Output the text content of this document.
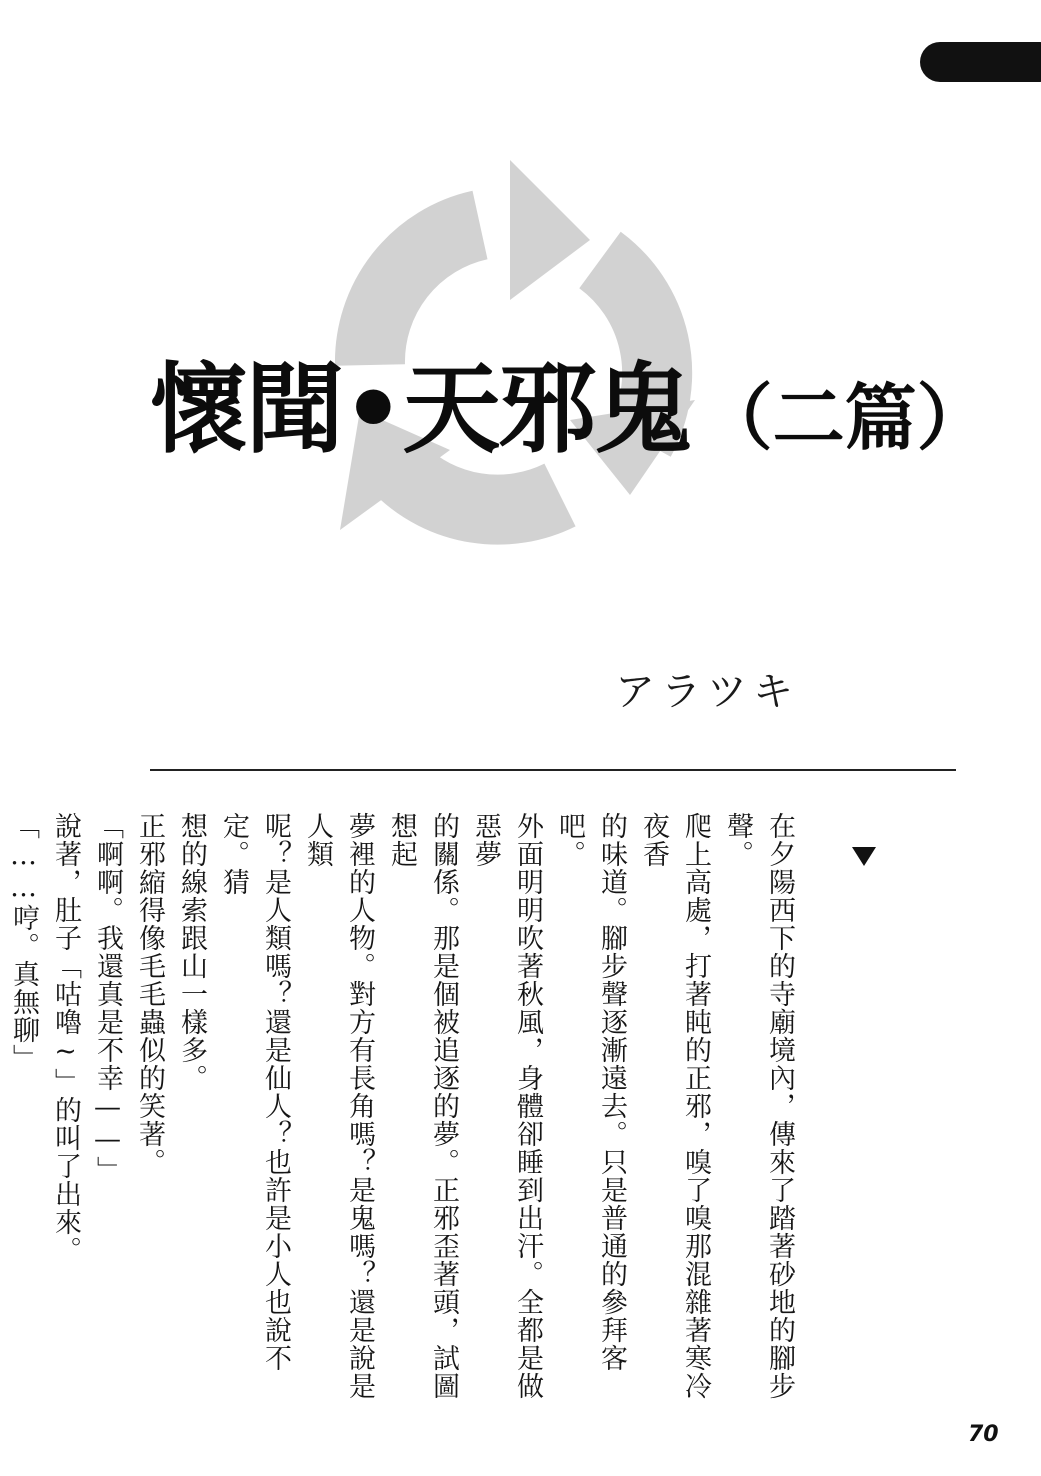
懷聞•天邪鬼 （二篇）
アラツキ

在夕陽西下的寺廟境內，傳來了踏著砂地的腳步聲。

爬上高處，打著盹的正邪，嗅了嗅那混雜著寒冷夜香

的味道。腳步聲逐漸遠去。只是普通的參拜客吧。

外面明明吹著秋風，身體卻睡到出汗。全都是做惡夢

的關係。那是個被追逐的夢。正邪歪著頭，試圖想起

夢裡的人物。對方有長角嗎？是鬼嗎？還是說是人類

呢？是人類嗎？還是仙人？也許是小人也說不定。猜

想的線索跟山一樣多。

正邪縮得像毛毛蟲似的笑著。

「啊啊。我還真是不幸——」

說著，肚子「咕嚕~」的叫了出來。

「……哼。真無聊」

70
